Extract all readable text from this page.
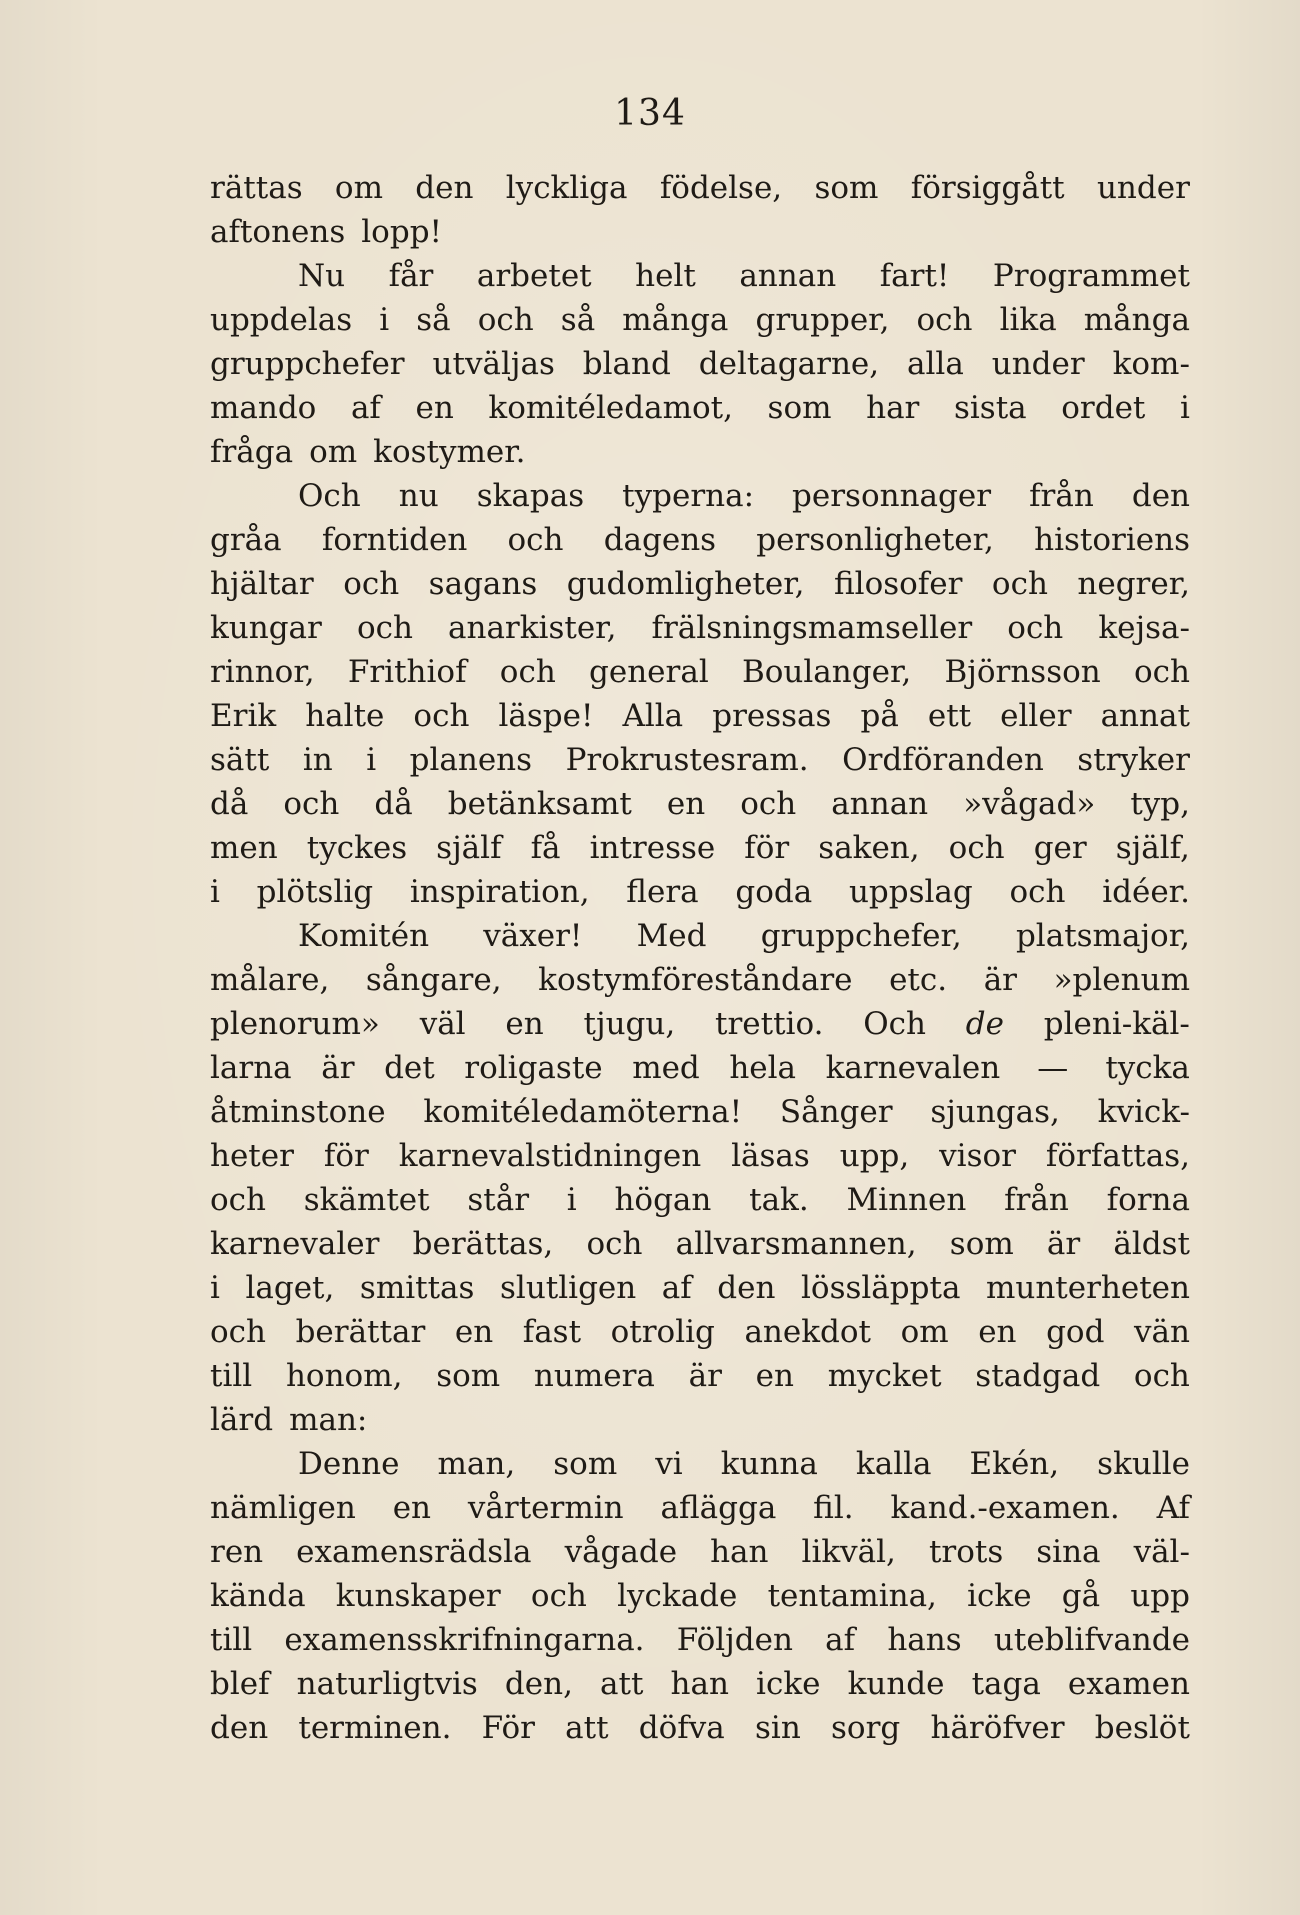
134
rättas om den lyckliga födelse, som försiggått under
aftonens lopp!
Nu får arbetet helt annan fart! Programmet
uppdelas i så och så många grupper, och lika många
gruppchefer utväljas bland deltagarne, alla under kom-
mando af en komitéledamot, som har sista ordet i
fråga om kostymer.
Och nu skapas typerna: personnager från den
gråa forntiden och dagens personligheter, historiens
hjältar och sagans gudomligheter, filosofer och negrer,
kungar och anarkister, frälsningsmamseller och kejsa-
rinnor, Frithiof och general Boulanger, Björnsson och
Erik halte och läspe! Alla pressas på ett eller annat
sätt in i planens Prokrustesram. Ordföranden stryker
då och då betänksamt en och annan »vågad» typ,
men tyckes själf få intresse för saken, och ger själf,
i plötslig inspiration, flera goda uppslag och idéer.
Komitén växer! Med gruppchefer, platsmajor,
målare, sångare, kostymföreståndare etc. är »plenum
plenorum» väl en tjugu, trettio. Och de pleni-käl-
larna är det roligaste med hela karnevalen — tycka
åtminstone komitéledamöterna! Sånger sjungas, kvick-
heter för karnevalstidningen läsas upp, visor författas,
och skämtet står i högan tak. Minnen från forna
karnevaler berättas, och allvarsmannen, som är äldst
i laget, smittas slutligen af den lössläppta munterheten
och berättar en fast otrolig anekdot om en god vän
till honom, som numera är en mycket stadgad och
lärd man:
Denne man, som vi kunna kalla Ekén, skulle
nämligen en vårtermin aflägga fil. kand.-examen. Af
ren examensrädsla vågade han likväl, trots sina väl-
kända kunskaper och lyckade tentamina, icke gå upp
till examensskrifningarna. Följden af hans uteblifvande
blef naturligtvis den, att han icke kunde taga examen
den terminen. För att döfva sin sorg häröfver beslöt
